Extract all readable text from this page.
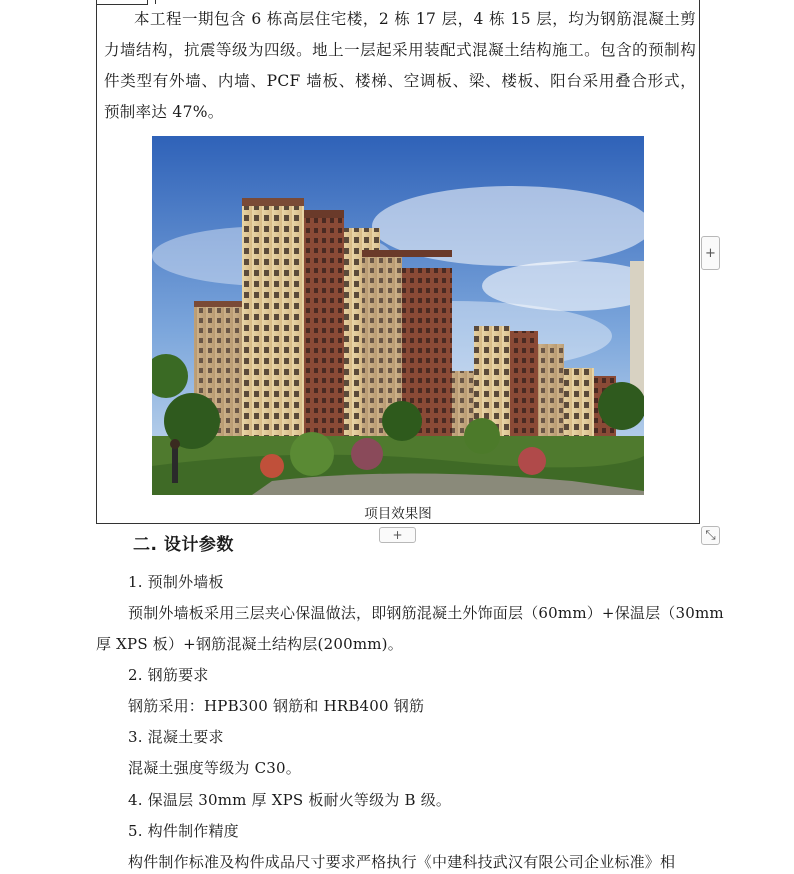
本工程一期包含 6 栋高层住宅楼，2 栋 17 层，4 栋 15 层，均为钢筋混凝土剪力墙结构，抗震等级为四级。地上一层起采用装配式混凝土结构施工。包含的预制构件类型有外墙、内墙、PCF 墙板、楼梯、空调板、梁、楼板、阳台采用叠合形式，预制率达 47%。
项目效果图
+
+	⤡
二. 设计参数
1. 预制外墙板
预制外墙板采用三层夹心保温做法，即钢筋混凝土外饰面层（60mm）+保温层（30mm
厚 XPS 板）+钢筋混凝土结构层(200mm)。
2. 钢筋要求
钢筋采用：HPB300 钢筋和 HRB400 钢筋
3. 混凝土要求
混凝土强度等级为 C30。
4. 保温层 30mm 厚 XPS 板耐火等级为 B 级。
5. 构件制作精度
构件制作标准及构件成品尺寸要求严格执行《中建科技武汉有限公司企业标准》相
